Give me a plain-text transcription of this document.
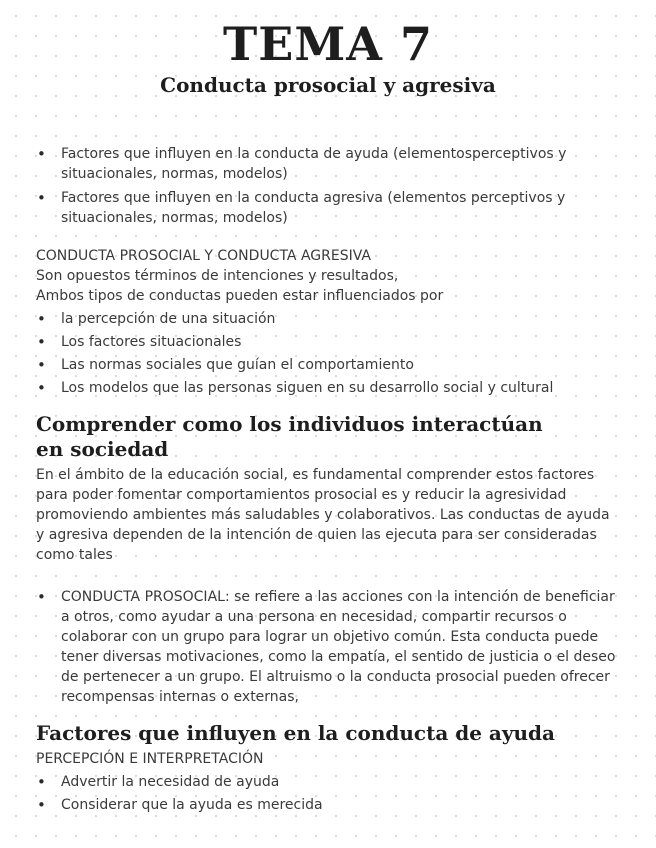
TEMA 7
Conducta prosocial y agresiva
• Factores que influyen en la conducta de ayuda (elementosperceptivos y situacionales, normas, modelos)
• Factores que influyen en la conducta agresiva (elementos perceptivos y situacionales, normas, modelos)

CONDUCTA PROSOCIAL Y CONDUCTA AGRESIVA

Son opuestos términos de intenciones y resultados,

Ambos tipos de conductas pueden estar influenciados por

• la percepción de una situación
• Los factores situacionales
• Las normas sociales que guían el comportamiento
• Los modelos que las personas siguen en su desarrollo social y cultural
Comprender como los individuos interactúan en sociedad

En el ámbito de la educación social, es fundamental comprender estos factores para poder fomentar comportamientos prosocial es y reducir la agresividad promoviendo ambientes más saludables y colaborativos. Las conductas de ayuda y agresiva dependen de la intención de quien las ejecuta para ser consideradas como tales

• CONDUCTA PROSOCIAL: se refiere a las acciones con la intención de beneficiar a otros, como ayudar a una persona en necesidad, compartir recursos o colaborar con un grupo para lograr un objetivo común. Esta conducta puede tener diversas motivaciones, como la empatía, el sentido de justicia o el deseo de pertenecer a un grupo. El altruismo o la conducta prosocial pueden ofrecer recompensas internas o externas,
Factores que influyen en la conducta de ayuda

PERCEPCIÓN E INTERPRETACIÓN

• Advertir la necesidad de ayuda
• Considerar que la ayuda es merecida
